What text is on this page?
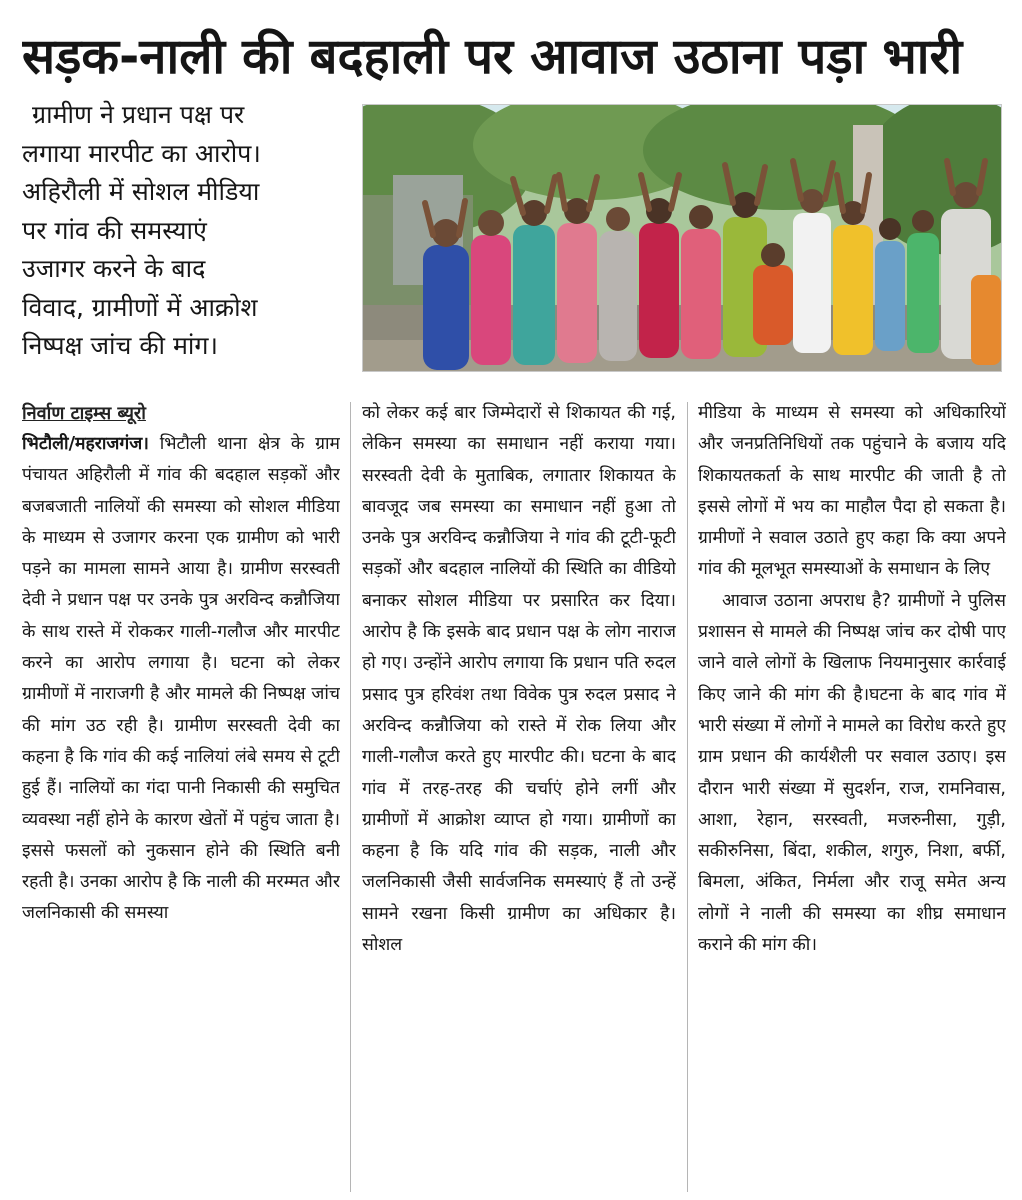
सड़क-नाली की बदहाली पर आवाज उठाना पड़ा भारी
ग्रामीण ने प्रधान पक्ष पर
लगाया मारपीट का आरोप।
अहिरौली में सोशल मीडिया
पर गांव की समस्याएं
उजागर करने के बाद
विवाद, ग्रामीणों में आक्रोश
निष्पक्ष जांच की मांग।
निर्वाण टाइम्स ब्यूरो

भिटौली/महराजगंज। भिटौली थाना क्षेत्र के ग्राम पंचायत अहिरौली में गांव की बदहाल सड़कों और बजबजाती नालियों की समस्या को सोशल मीडिया के माध्यम से उजागर करना एक ग्रामीण को भारी पड़ने का मामला सामने आया है। ग्रामीण सरस्वती देवी ने प्रधान पक्ष पर उनके पुत्र अरविन्द कन्नौजिया के साथ रास्ते में रोककर गाली-गलौज और मारपीट करने का आरोप लगाया है। घटना को लेकर ग्रामीणों में नाराजगी है और मामले की निष्पक्ष जांच की मांग उठ रही है। ग्रामीण सरस्वती देवी का कहना है कि गांव की कई नालियां लंबे समय से टूटी हुई हैं। नालियों का गंदा पानी निकासी की समुचित व्यवस्था नहीं होने के कारण खेतों में पहुंच जाता है। इससे फसलों को नुकसान होने की स्थिति बनी रहती है। उनका आरोप है कि नाली की मरम्मत और जलनिकासी की समस्या

को लेकर कई बार जिम्मेदारों से शिकायत की गई, लेकिन समस्या का समाधान नहीं कराया गया। सरस्वती देवी के मुताबिक, लगातार शिकायत के बावजूद जब समस्या का समाधान नहीं हुआ तो उनके पुत्र अरविन्द कन्नौजिया ने गांव की टूटी-फूटी सड़कों और बदहाल नालियों की स्थिति का वीडियो बनाकर सोशल मीडिया पर प्रसारित कर दिया। आरोप है कि इसके बाद प्रधान पक्ष के लोग नाराज हो गए। उन्होंने आरोप लगाया कि प्रधान पति रुदल प्रसाद पुत्र हरिवंश तथा विवेक पुत्र रुदल प्रसाद ने अरविन्द कन्नौजिया को रास्ते में रोक लिया और गाली-गलौज करते हुए मारपीट की। घटना के बाद गांव में तरह-तरह की चर्चाएं होने लगीं और ग्रामीणों में आक्रोश व्याप्त हो गया। ग्रामीणों का कहना है कि यदि गांव की सड़क, नाली और जलनिकासी जैसी सार्वजनिक समस्याएं हैं तो उन्हें सामने रखना किसी ग्रामीण का अधिकार है। सोशल

मीडिया के माध्यम से समस्या को अधिकारियों और जनप्रतिनिधियों तक पहुंचाने के बजाय यदि शिकायतकर्ता के साथ मारपीट की जाती है तो इससे लोगों में भय का माहौल पैदा हो सकता है।ग्रामीणों ने सवाल उठाते हुए कहा कि क्या अपने गांव की मूलभूत समस्याओं के समाधान के लिए

आवाज उठाना अपराध है? ग्रामीणों ने पुलिस प्रशासन से मामले की निष्पक्ष जांच कर दोषी पाए जाने वाले लोगों के खिलाफ नियमानुसार कार्रवाई किए जाने की मांग की है।घटना के बाद गांव में भारी संख्या में लोगों ने मामले का विरोध करते हुए ग्राम प्रधान की कार्यशैली पर सवाल उठाए। इस दौरान भारी संख्या में सुदर्शन, राज, रामनिवास, आशा, रेहान, सरस्वती, मजरुनीसा, गुड़ी, सकीरुनिसा, बिंदा, शकील, शगुरु, निशा, बर्फी, बिमला, अंकित, निर्मला और राजू समेत अन्य लोगों ने नाली की समस्या का शीघ्र समाधान कराने की मांग की।
